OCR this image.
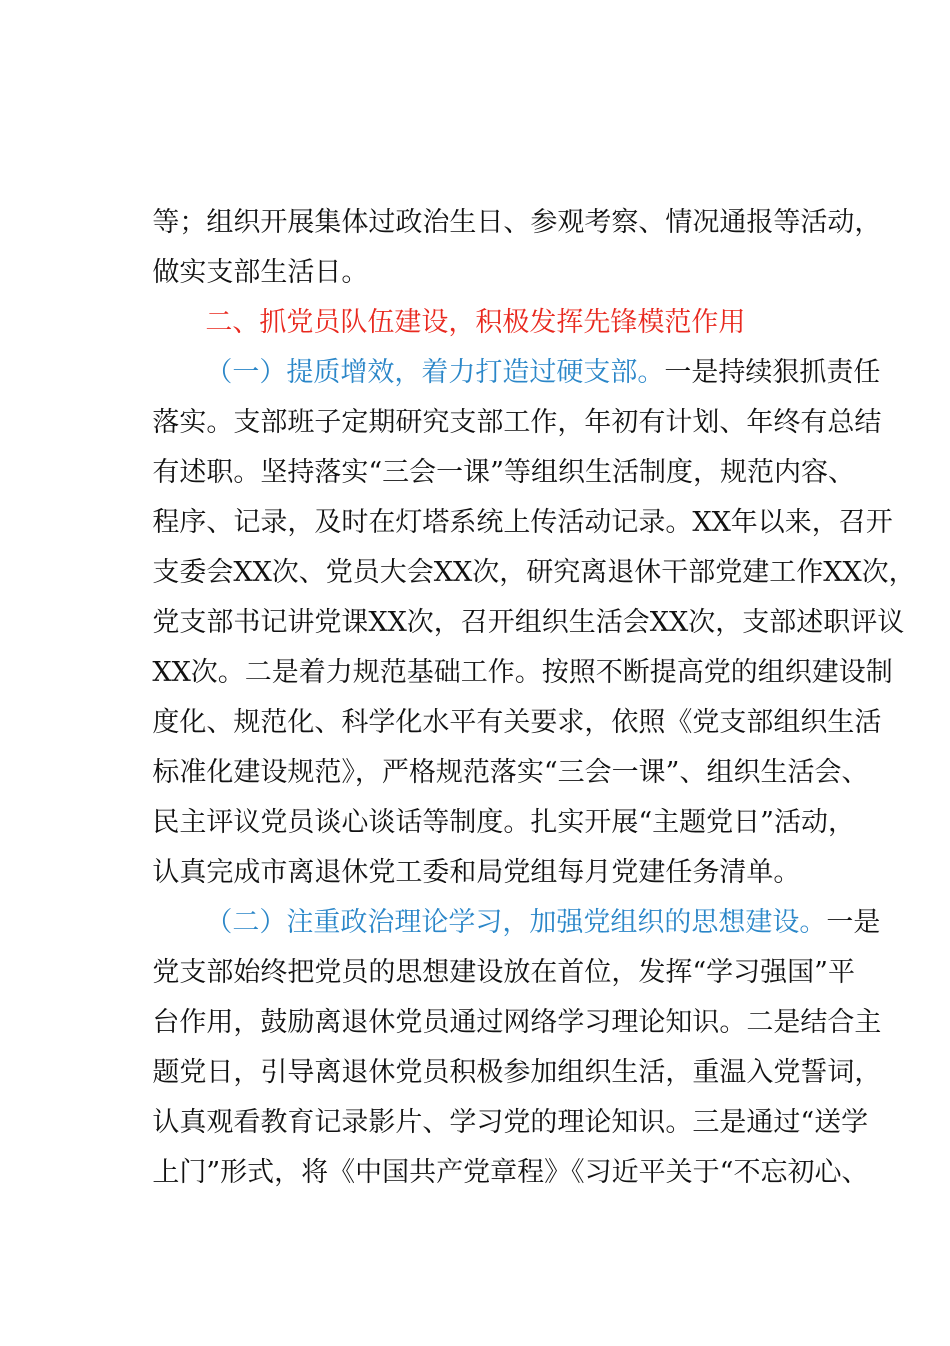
等；组织开展集体过政治生日、参观考察、情况通报等活动，

做实支部生活日。

二、抓党员队伍建设，积极发挥先锋模范作用

（一）提质增效，着力打造过硬支部。一是持续狠抓责任

落实。支部班子定期研究支部工作，年初有计划、年终有总结

有述职。坚持落实“三会一课”等组织生活制度，规范内容、

程序、记录，及时在灯塔系统上传活动记录。XX年以来，召开

支委会XX次、党员大会XX次，研究离退休干部党建工作XX次，

党支部书记讲党课XX次，召开组织生活会XX次，支部述职评议

XX次。二是着力规范基础工作。按照不断提高党的组织建设制

度化、规范化、科学化水平有关要求，依照《党支部组织生活

标准化建设规范》，严格规范落实“三会一课”、组织生活会、

民主评议党员谈心谈话等制度。扎实开展“主题党日”活动，

认真完成市离退休党工委和局党组每月党建任务清单。

（二）注重政治理论学习，加强党组织的思想建设。一是

党支部始终把党员的思想建设放在首位，发挥“学习强国”平

台作用，鼓励离退休党员通过网络学习理论知识。二是结合主

题党日，引导离退休党员积极参加组织生活，重温入党誓词，

认真观看教育记录影片、学习党的理论知识。三是通过“送学

上门”形式，将《中国共产党章程》《习近平关于“不忘初心、
